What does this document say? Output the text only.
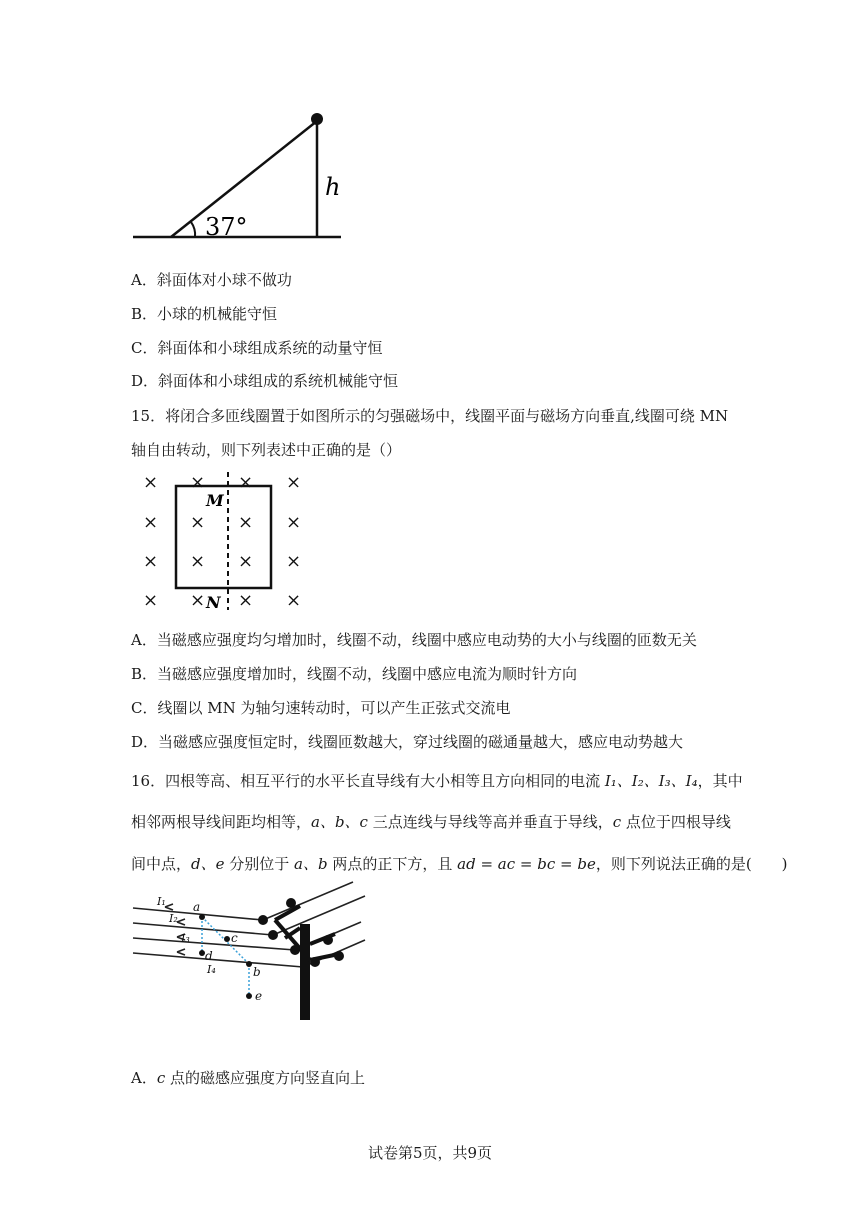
37°
h
A．斜面体对小球不做功
B．小球的机械能守恒
C．斜面体和小球组成系统的动量守恒
D．斜面体和小球组成的系统机械能守恒
15．将闭合多匝线圈置于如图所示的匀强磁场中，线圈平面与磁场方向垂直,线圈可绕 MN
轴自由转动，则下列表述中正确的是（）
× × × ×
× × × ×
× × × ×
× × × ×
M
N
A．当磁感应强度均匀增加时，线圈不动，线圈中感应电动势的大小与线圈的匝数无关
B．当磁感应强度增加时，线圈不动，线圈中感应电流为顺时针方向
C．线圈以 MN 为轴匀速转动时，可以产生正弦式交流电
D．当磁感应强度恒定时，线圈匝数越大，穿过线圈的磁通量越大，感应电动势越大
16．四根等高、相互平行的水平长直导线有大小相等且方向相同的电流 I₁、I₂、I₃、I₄，其中
相邻两根导线间距均相等，a、b、c 三点连线与导线等高并垂直于导线，c 点位于四根导线
间中点，d、e 分别位于 a、b 两点的正下方，且 ad = ac = bc = be，则下列说法正确的是(　　)
I₁
I₂
I₃
I₄
a
c
d
b
e
A．c 点的磁感应强度方向竖直向上
试卷第5页，共9页
